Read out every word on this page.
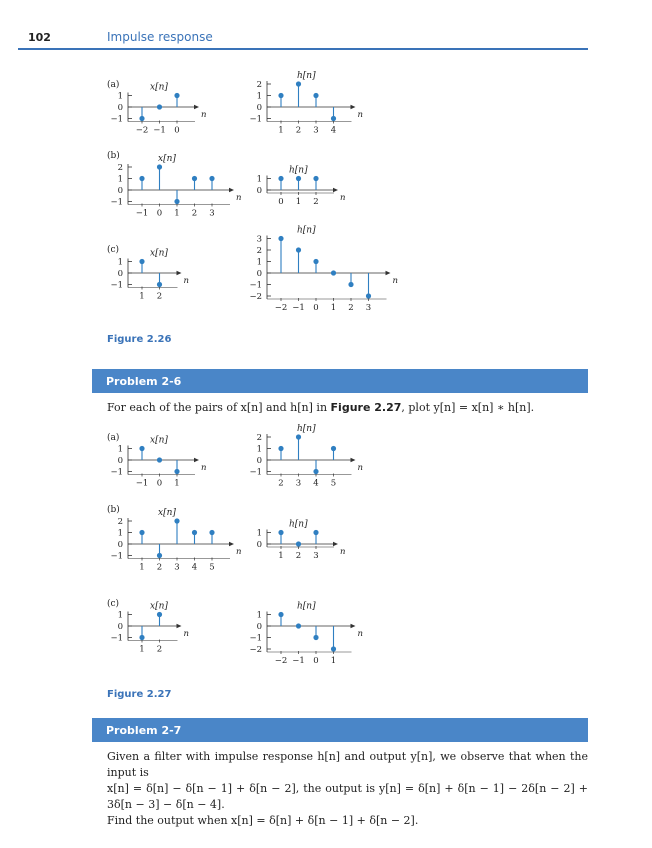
102	Impulse response
(a)
1
0
−1	n
−2 −1 0
x[n]	2
1
0
−1	n
1 2 3 4
h[n]
(b)
2
1
0
−1	n
−1 0 1 2 3
x[n]
1
0
n
0 1 2
h[n]
(c)
1
0
−1	n
1 2
x[n]
3
2
1
0
−1
−2
n
−2 −1 0 1 2 3
h[n]
(a)
1
0
−1	n
−1 0 1
x[n]	2
1
0
−1	n
2 3 4 5
h[n]
(b)
2
1
0
−1	n
1 2 3 4 5
x[n]
1
0
n
1 2 3
h[n]
(c)
1
0
−1	n
1 2
x[n]
1
0
−1
−2
n
−2 −1 0 1
h[n]
Figure 2.26
Problem 2-6

For each of the pairs of x[n] and h[n] in Figure 2.27, plot y[n] = x[n] ∗ h[n].

Figure 2.27
Problem 2-7

Given a filter with impulse response h[n] and output y[n], we observe that when the input is

x[n] = δ[n] − δ[n − 1] + δ[n − 2], the output is y[n] = δ[n] + δ[n − 1] − 2δ[n − 2] + 3δ[n − 3] − δ[n − 4].

Find the output when x[n] = δ[n] + δ[n − 1] + δ[n − 2].
